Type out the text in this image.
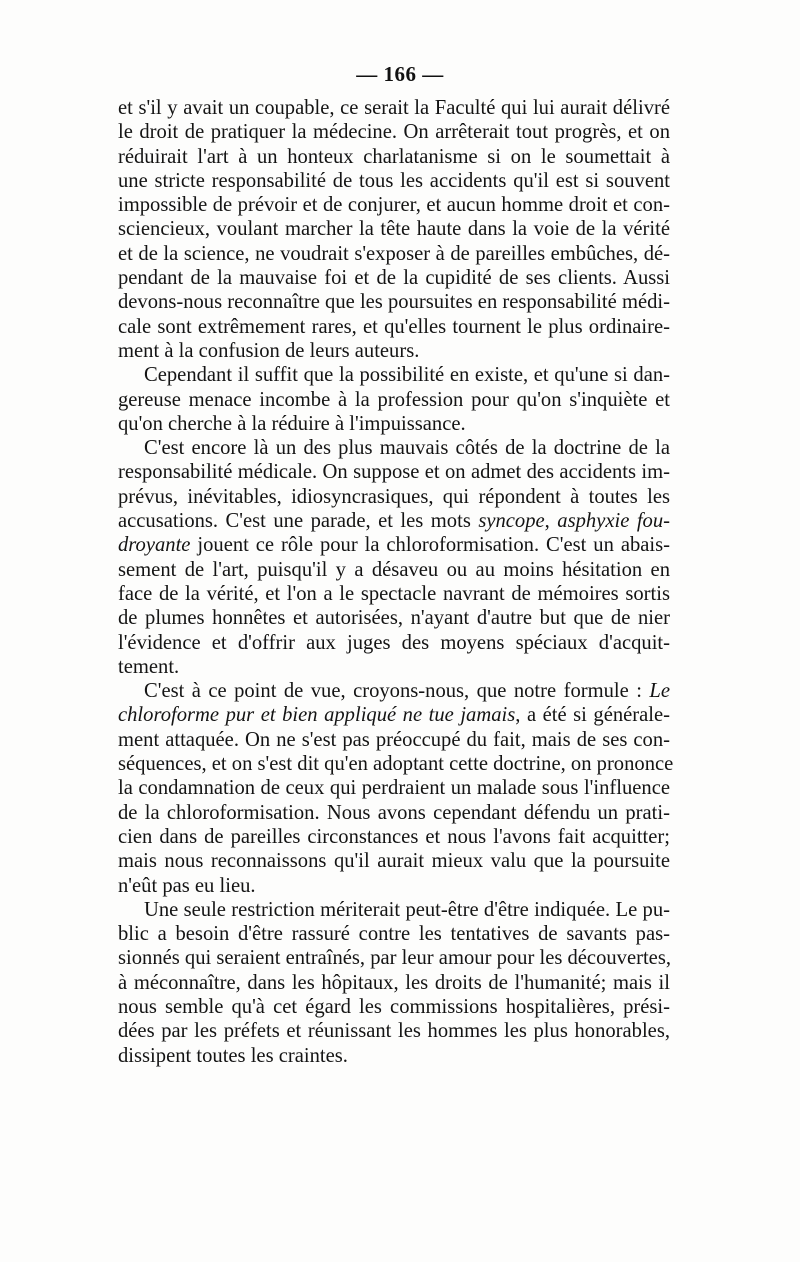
— 166 —
et s'il y avait un coupable, ce serait la Faculté qui lui aurait délivré
le droit de pratiquer la médecine. On arrêterait tout progrès, et on
réduirait l'art à un honteux charlatanisme si on le soumettait à
une stricte responsabilité de tous les accidents qu'il est si souvent
impossible de prévoir et de conjurer, et aucun homme droit et con-
sciencieux, voulant marcher la tête haute dans la voie de la vérité
et de la science, ne voudrait s'exposer à de pareilles embûches, dé-
pendant de la mauvaise foi et de la cupidité de ses clients. Aussi
devons-nous reconnaître que les poursuites en responsabilité médi-
cale sont extrêmement rares, et qu'elles tournent le plus ordinaire-
ment à la confusion de leurs auteurs.
Cependant il suffit que la possibilité en existe, et qu'une si dan-
gereuse menace incombe à la profession pour qu'on s'inquiète et
qu'on cherche à la réduire à l'impuissance.
C'est encore là un des plus mauvais côtés de la doctrine de la
responsabilité médicale. On suppose et on admet des accidents im-
prévus, inévitables, idiosyncrasiques, qui répondent à toutes les
accusations. C'est une parade, et les mots syncope, asphyxie fou-
droyante jouent ce rôle pour la chloroformisation. C'est un abais-
sement de l'art, puisqu'il y a désaveu ou au moins hésitation en
face de la vérité, et l'on a le spectacle navrant de mémoires sortis
de plumes honnêtes et autorisées, n'ayant d'autre but que de nier
l'évidence et d'offrir aux juges des moyens spéciaux d'acquit-
tement.
C'est à ce point de vue, croyons-nous, que notre formule : Le
chloroforme pur et bien appliqué ne tue jamais, a été si générale-
ment attaquée. On ne s'est pas préoccupé du fait, mais de ses con-
séquences, et on s'est dit qu'en adoptant cette doctrine, on prononce
la condamnation de ceux qui perdraient un malade sous l'influence
de la chloroformisation. Nous avons cependant défendu un prati-
cien dans de pareilles circonstances et nous l'avons fait acquitter;
mais nous reconnaissons qu'il aurait mieux valu que la poursuite
n'eût pas eu lieu.
Une seule restriction mériterait peut-être d'être indiquée. Le pu-
blic a besoin d'être rassuré contre les tentatives de savants pas-
sionnés qui seraient entraînés, par leur amour pour les découvertes,
à méconnaître, dans les hôpitaux, les droits de l'humanité; mais il
nous semble qu'à cet égard les commissions hospitalières, prési-
dées par les préfets et réunissant les hommes les plus honorables,
dissipent toutes les craintes.
